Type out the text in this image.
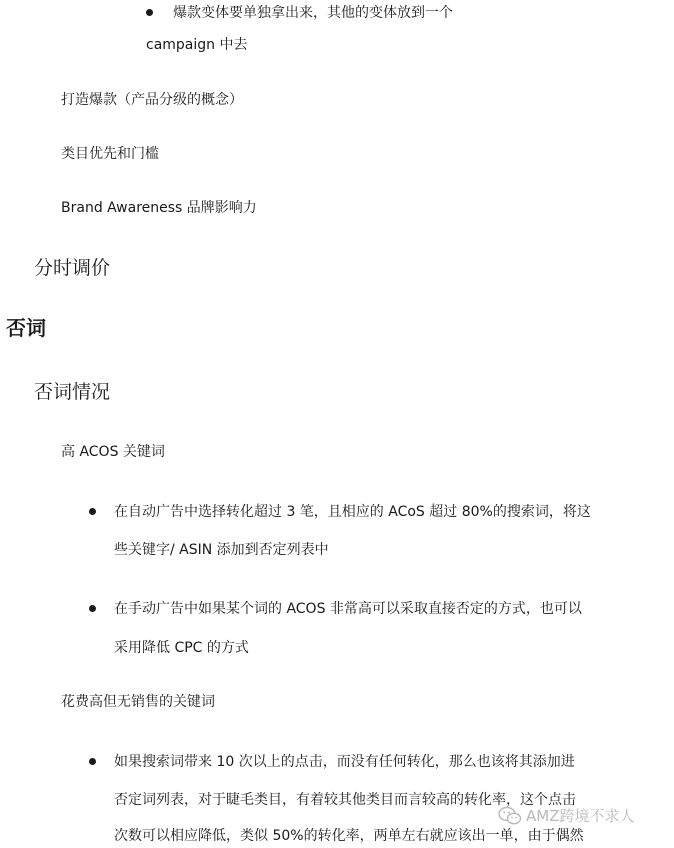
爆款变体要单独拿出来，其他的变体放到一个
campaign 中去
打造爆款（产品分级的概念）
类目优先和门槛
Brand Awareness 品牌影响力
分时调价
否词
否词情况
高 ACOS 关键词
在自动广告中选择转化超过 3 笔，且相应的 ACoS 超过 80%的搜索词，将这
些关键字/ ASIN 添加到否定列表中
在手动广告中如果某个词的 ACOS 非常高可以采取直接否定的方式，也可以
采用降低 CPC 的方式
花费高但无销售的关键词
如果搜索词带来 10 次以上的点击，而没有任何转化，那么也该将其添加进
否定词列表，对于睫毛类目，有着较其他类目而言较高的转化率，这个点击
次数可以相应降低，类似 50%的转化率，两单左右就应该出一单，由于偶然
AMZ跨境不求人
